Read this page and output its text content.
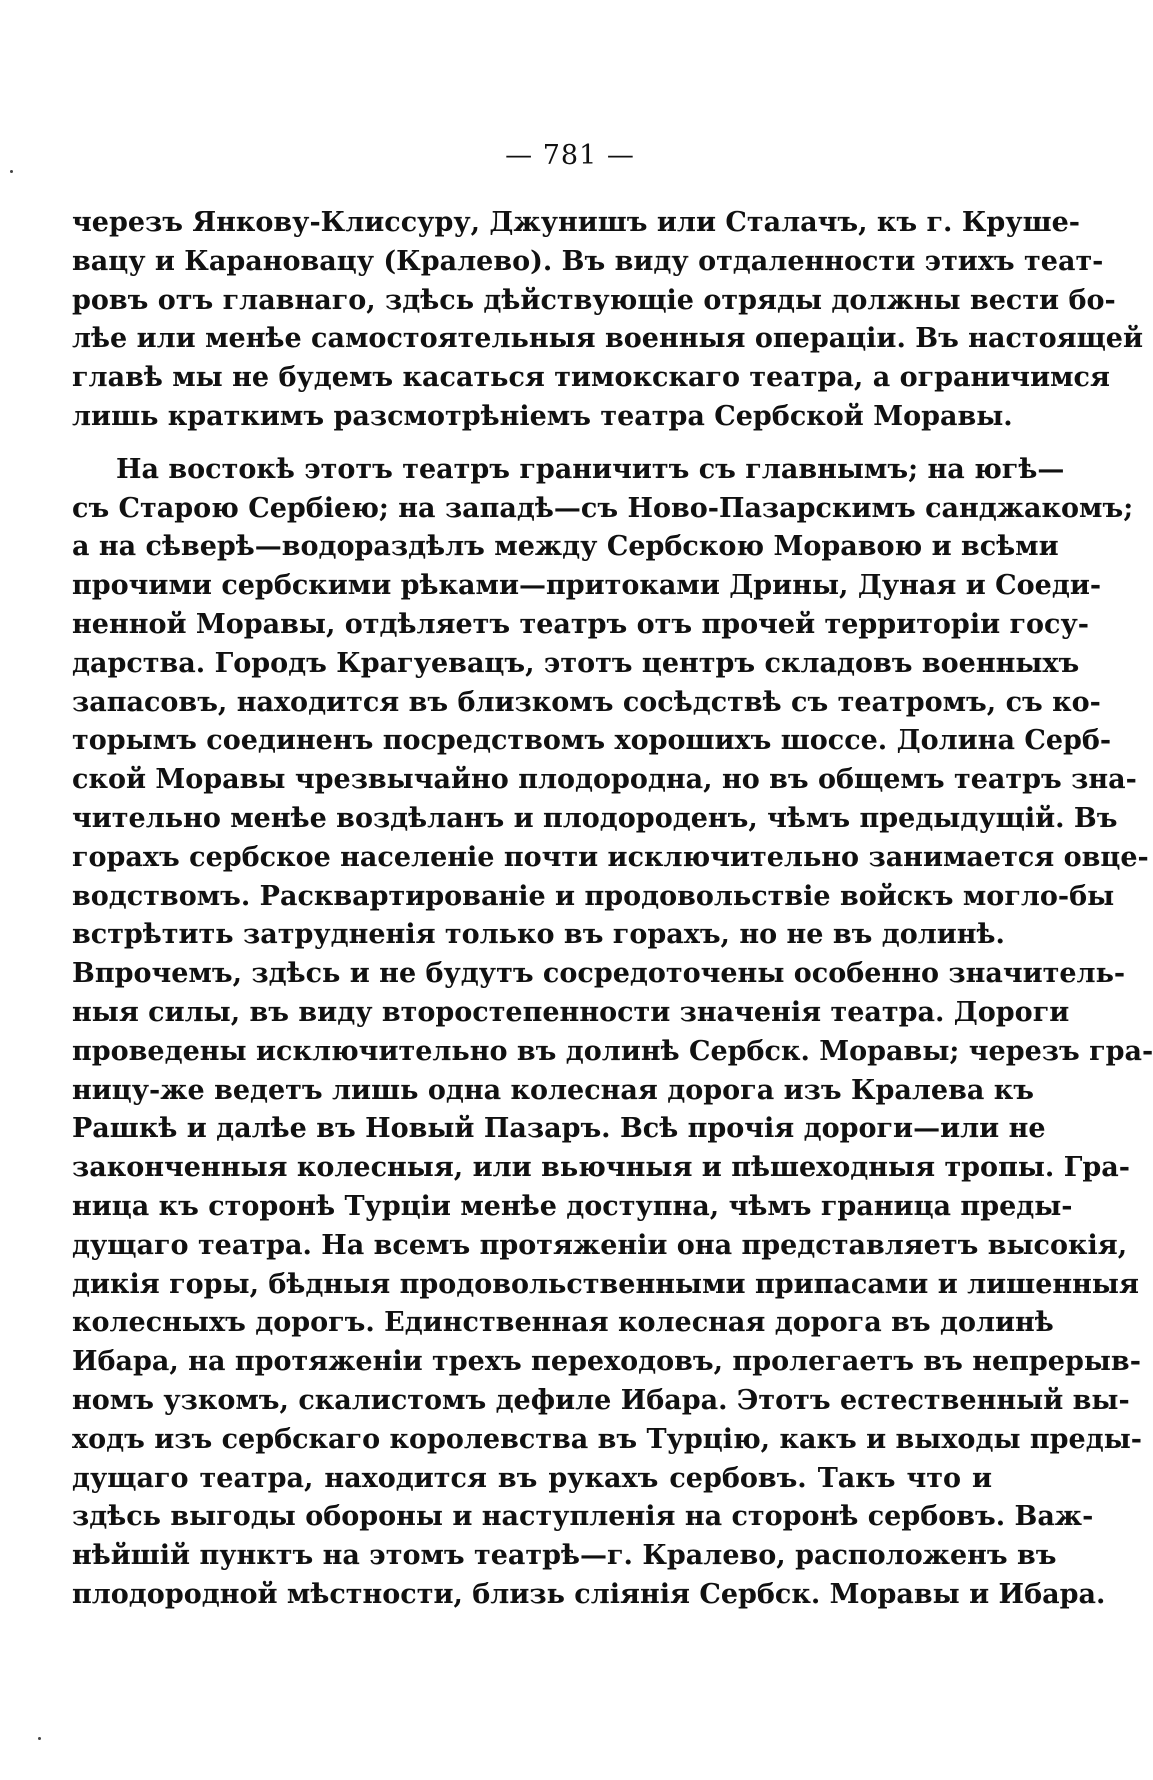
— 781 —
черезъ Янкову-Клиссуру, Джунишъ или Сталачъ, къ г. Круше-
вацу и Карановацу (Кралево). Въ виду отдаленности этихъ теат-
ровъ отъ главнаго, здѣсь дѣйствующіе отряды должны вести бо-
лѣе или менѣе самостоятельныя военныя операціи. Въ настоящей
главѣ мы не будемъ касаться тимокскаго театра, а ограничимся
лишь краткимъ разсмотрѣніемъ театра Сербской Моравы.
На востокѣ этотъ театръ граничитъ съ главнымъ; на югѣ—
съ Старою Сербіею; на западѣ—съ Ново-Пазарскимъ санджакомъ;
а на сѣверѣ—водораздѣлъ между Сербскою Моравою и всѣми
прочими сербскими рѣками—притоками Дрины, Дуная и Соеди-
ненной Моравы, отдѣляетъ театръ отъ прочей территоріи госу-
дарства. Городъ Крагуевацъ, этотъ центръ складовъ военныхъ
запасовъ, находится въ близкомъ сосѣдствѣ съ театромъ, съ ко-
торымъ соединенъ посредствомъ хорошихъ шоссе. Долина Серб-
ской Моравы чрезвычайно плодородна, но въ общемъ театръ зна-
чительно менѣе воздѣланъ и плодороденъ, чѣмъ предыдущій. Въ
горахъ сербское населеніе почти исключительно занимается овце-
водствомъ. Расквартированіе и продовольствіе войскъ могло-бы
встрѣтить затрудненія только въ горахъ, но не въ долинѣ.
Впрочемъ, здѣсь и не будутъ сосредоточены особенно значитель-
ныя силы, въ виду второстепенности значенія театра. Дороги
проведены исключительно въ долинѣ Сербск. Моравы; черезъ гра-
ницу-же ведетъ лишь одна колесная дорога изъ Кралева къ
Рашкѣ и далѣе въ Новый Пазаръ. Всѣ прочія дороги—или не
законченныя колесныя, или вьючныя и пѣшеходныя тропы. Гра-
ница къ сторонѣ Турціи менѣе доступна, чѣмъ граница преды-
дущаго театра. На всемъ протяженіи она представляетъ высокія,
дикія горы, бѣдныя продовольственными припасами и лишенныя
колесныхъ дорогъ. Единственная колесная дорога въ долинѣ
Ибара, на протяженіи трехъ переходовъ, пролегаетъ въ непрерыв-
номъ узкомъ, скалистомъ дефиле Ибара. Этотъ естественный вы-
ходъ изъ сербскаго королевства въ Турцію, какъ и выходы преды-
дущаго театра, находится въ рукахъ сербовъ. Такъ что и
здѣсь выгоды обороны и наступленія на сторонѣ сербовъ. Важ-
нѣйшій пунктъ на этомъ театрѣ—г. Кралево, расположенъ въ
плодородной мѣстности, близь сліянія Сербск. Моравы и Ибара.
